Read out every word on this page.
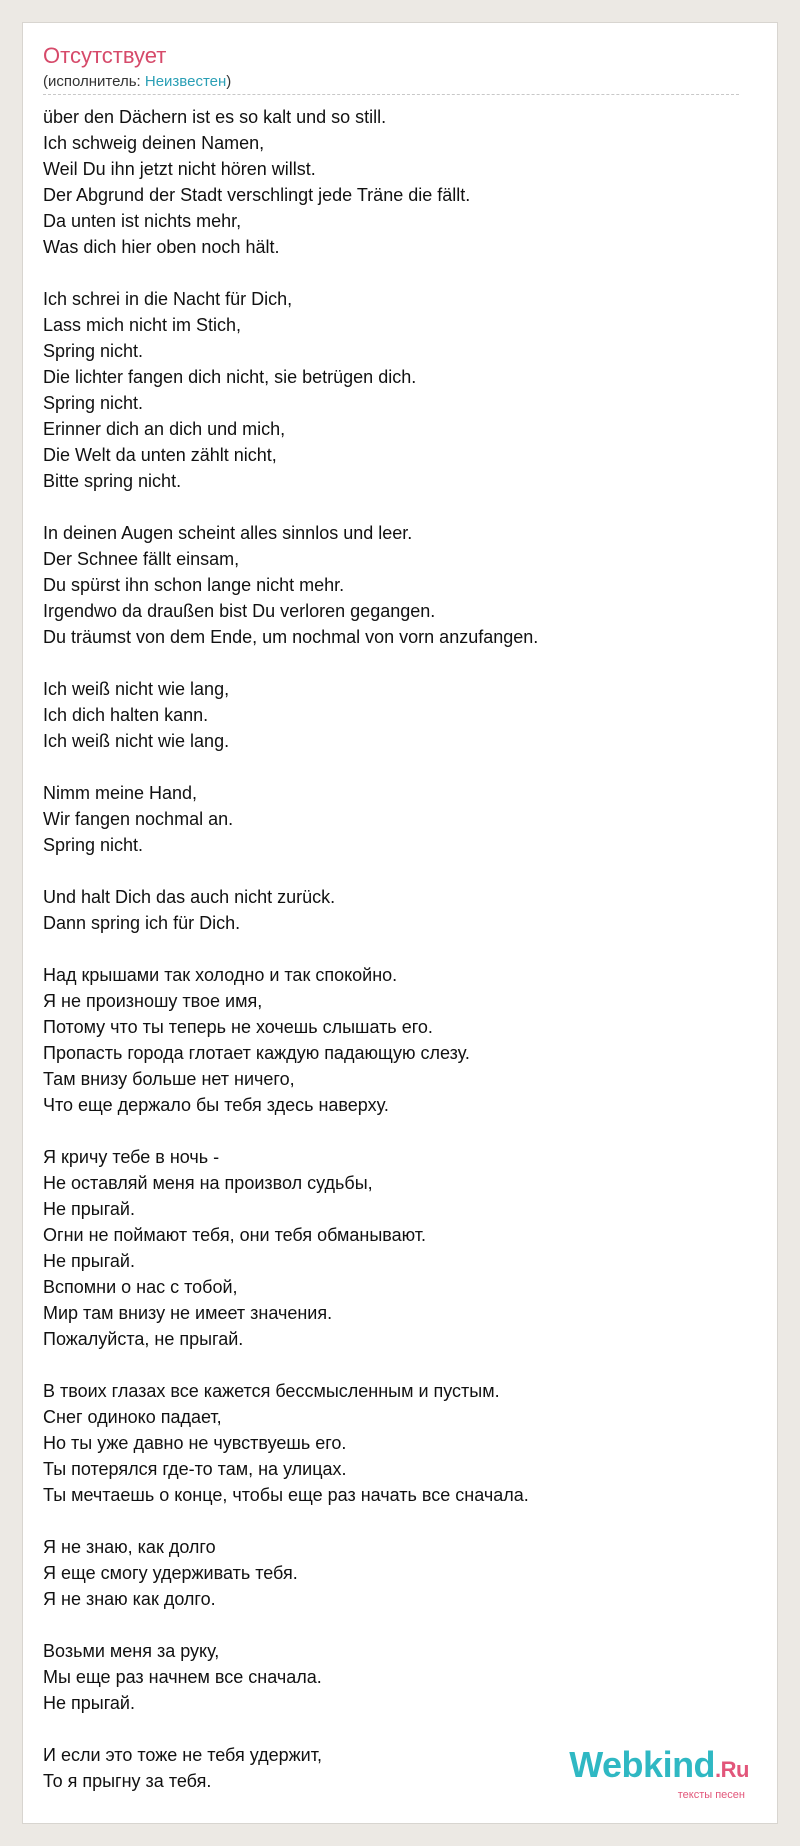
Отсутствует
(исполнитель: Неизвестен)
über den Dächern ist es so kalt und so still.
Ich schweig deinen Namen,
Weil Du ihn jetzt nicht hören willst.
Der Abgrund der Stadt verschlingt jede Träne die fällt.
Da unten ist nichts mehr,
Was dich hier oben noch hält.

Ich schrei in die Nacht für Dich,
Lass mich nicht im Stich,
Spring nicht.
Die lichter fangen dich nicht, sie betrügen dich.
Spring nicht.
Erinner dich an dich und mich,
Die Welt da unten zählt nicht,
Bitte spring nicht.

In deinen Augen scheint alles sinnlos und leer.
Der Schnee fällt einsam,
Du spürst ihn schon lange nicht mehr.
Irgendwo da draußen bist Du verloren gegangen.
Du träumst von dem Ende, um nochmal von vorn anzufangen.

Ich weiß nicht wie lang,
Ich dich halten kann.
Ich weiß nicht wie lang.

Nimm meine Hand,
Wir fangen nochmal an.
Spring nicht.

Und halt Dich das auch nicht zurück.
Dann spring ich für Dich.

Над крышами так холодно и так спокойно.
Я не произношу твое имя,
Потому что ты теперь не хочешь слышать его.
Пропасть города глотает каждую падающую слезу.
Там внизу больше нет ничего,
Что еще держало бы тебя здесь наверху.

Я кричу тебе в ночь -
Не оставляй меня на произвол судьбы,
Не прыгай.
Огни не поймают тебя, они тебя обманывают.
Не прыгай.
Вспомни о нас с тобой,
Мир там внизу не имеет значения.
Пожалуйста, не прыгай.

В твоих глазах все кажется бессмысленным и пустым.
Снег одиноко падает,
Но ты уже давно не чувствуешь его.
Ты потерялся где-то там, на улицах.
Ты мечтаешь о конце, чтобы еще раз начать все сначала.

Я не знаю, как долго
Я еще смогу удерживать тебя.
Я не знаю как долго.

Возьми меня за руку,
Мы еще раз начнем все сначала.
Не прыгай.

И если это тоже не тебя удержит,
То я прыгну за тебя.	Webkind.Ru
тексты песен
